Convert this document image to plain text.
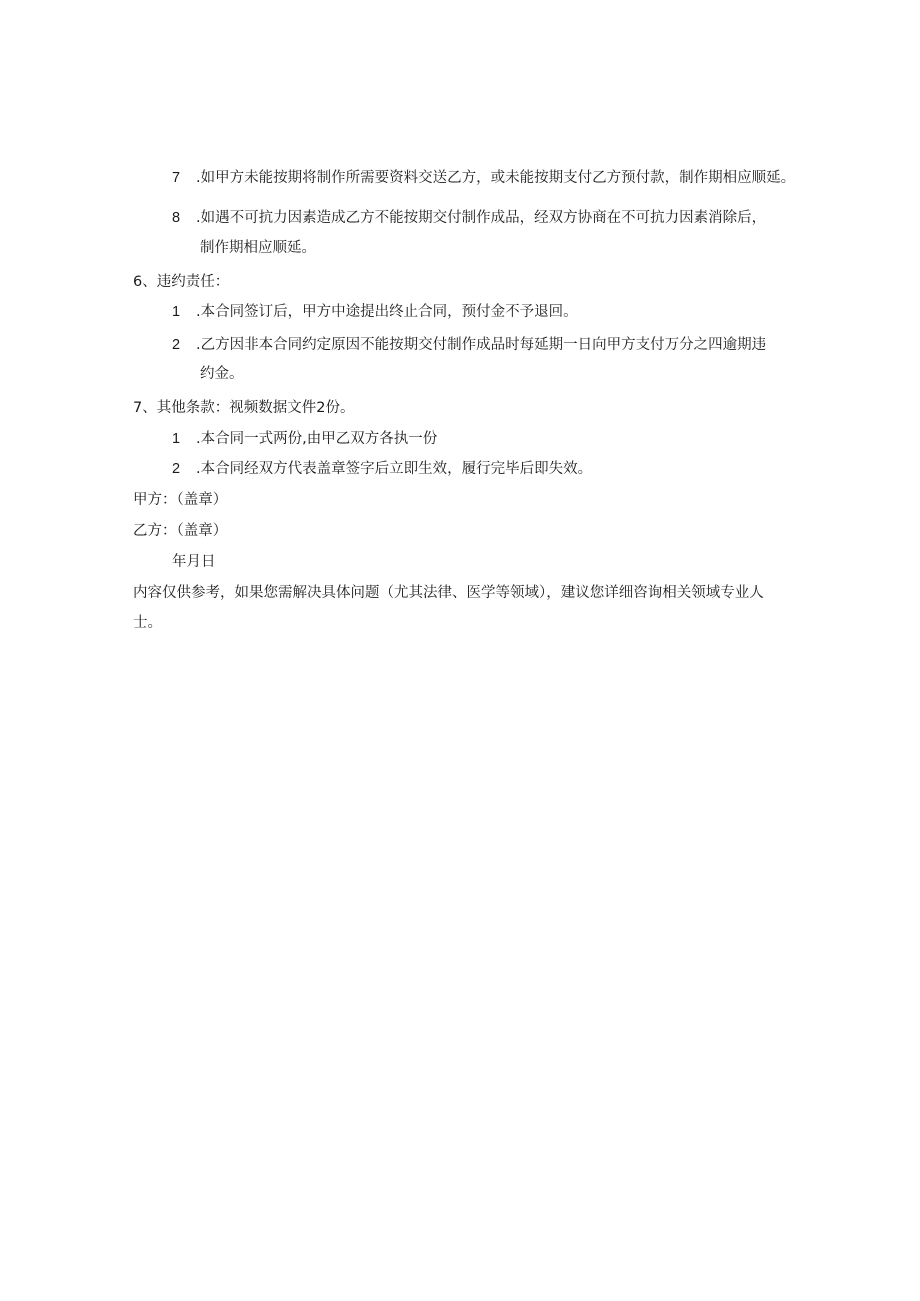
7 .如甲方未能按期将制作所需要资料交送乙方，或未能按期支付乙方预付款，制作期相应顺延。
8 .如遇不可抗力因素造成乙方不能按期交付制作成品，经双方协商在不可抗力因素消除后，
制作期相应顺延。
6、违约责任：
1 .本合同签订后，甲方中途提出终止合同，预付金不予退回。
2 .乙方因非本合同约定原因不能按期交付制作成品时每延期一日向甲方支付万分之四逾期违
约金。
7、其他条款：视频数据文件2份。
1 .本合同一式两份,由甲乙双方各执一份
2 .本合同经双方代表盖章签字后立即生效，履行完毕后即失效。
甲方：（盖章）
乙方：（盖章）
年月日
内容仅供参考，如果您需解决具体问题（尤其法律、医学等领域），建议您详细咨询相关领域专业人
士。
